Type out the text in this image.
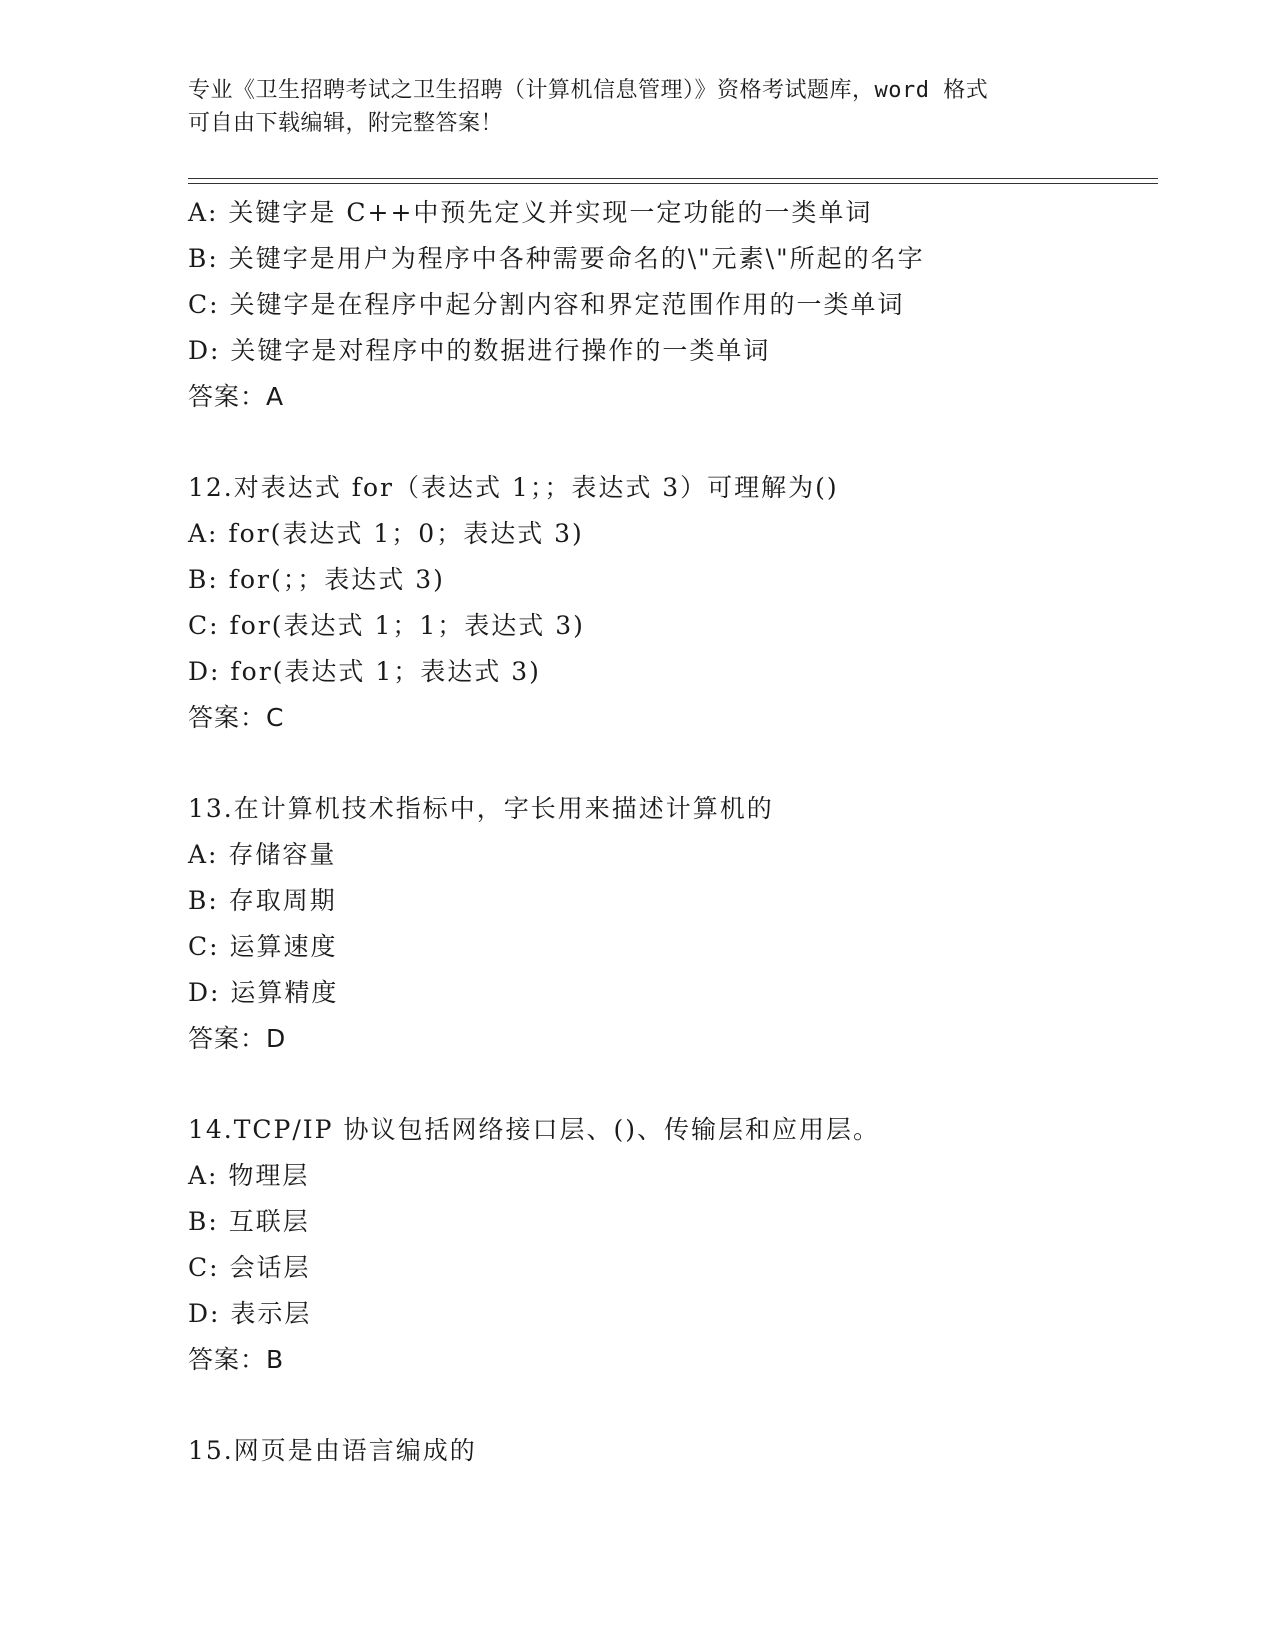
专业《卫生招聘考试之卫生招聘（计算机信息管理）》资格考试题库，word 格式
可自由下载编辑，附完整答案！
A: 关键字是 C++中预先定义并实现一定功能的一类单词
B: 关键字是用户为程序中各种需要命名的\"元素\"所起的名字
C: 关键字是在程序中起分割内容和界定范围作用的一类单词
D: 关键字是对程序中的数据进行操作的一类单词
答案：A
12.对表达式 for（表达式 1；；表达式 3）可理解为()
A: for(表达式 1；0；表达式 3)
B: for(；；表达式 3)
C: for(表达式 1；1；表达式 3)
D: for(表达式 1；表达式 3)
答案：C
13.在计算机技术指标中，字长用来描述计算机的
A: 存储容量
B: 存取周期
C: 运算速度
D: 运算精度
答案：D
14.TCP/IP 协议包括网络接口层、()、传输层和应用层。
A: 物理层
B: 互联层
C: 会话层
D: 表示层
答案：B
15.网页是由语言编成的
